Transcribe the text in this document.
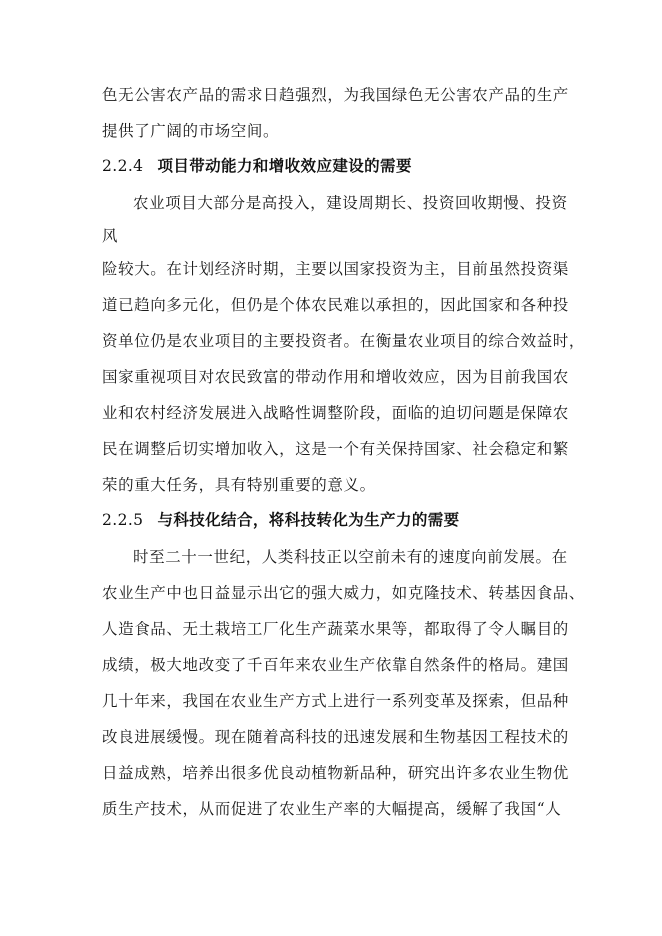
色无公害农产品的需求日趋强烈，为我国绿色无公害农产品的生产
提供了广阔的市场空间。
2.2.4 项目带动能力和增收效应建设的需要
农业项目大部分是高投入，建设周期长、投资回收期慢、投资
风
险较大。在计划经济时期，主要以国家投资为主，目前虽然投资渠
道已趋向多元化，但仍是个体农民难以承担的，因此国家和各种投
资单位仍是农业项目的主要投资者。在衡量农业项目的综合效益时，
国家重视项目对农民致富的带动作用和增收效应，因为目前我国农
业和农村经济发展进入战略性调整阶段，面临的迫切问题是保障农
民在调整后切实增加收入，这是一个有关保持国家、社会稳定和繁
荣的重大任务，具有特别重要的意义。
2.2.5 与科技化结合，将科技转化为生产力的需要
时至二十一世纪，人类科技正以空前未有的速度向前发展。在
农业生产中也日益显示出它的强大威力，如克隆技术、转基因食品、
人造食品、无土栽培工厂化生产蔬菜水果等，都取得了令人瞩目的
成绩，极大地改变了千百年来农业生产依靠自然条件的格局。建国
几十年来，我国在农业生产方式上进行一系列变革及探索，但品种
改良进展缓慢。现在随着高科技的迅速发展和生物基因工程技术的
日益成熟，培养出很多优良动植物新品种，研究出许多农业生物优
质生产技术，从而促进了农业生产率的大幅提高，缓解了我国“人
